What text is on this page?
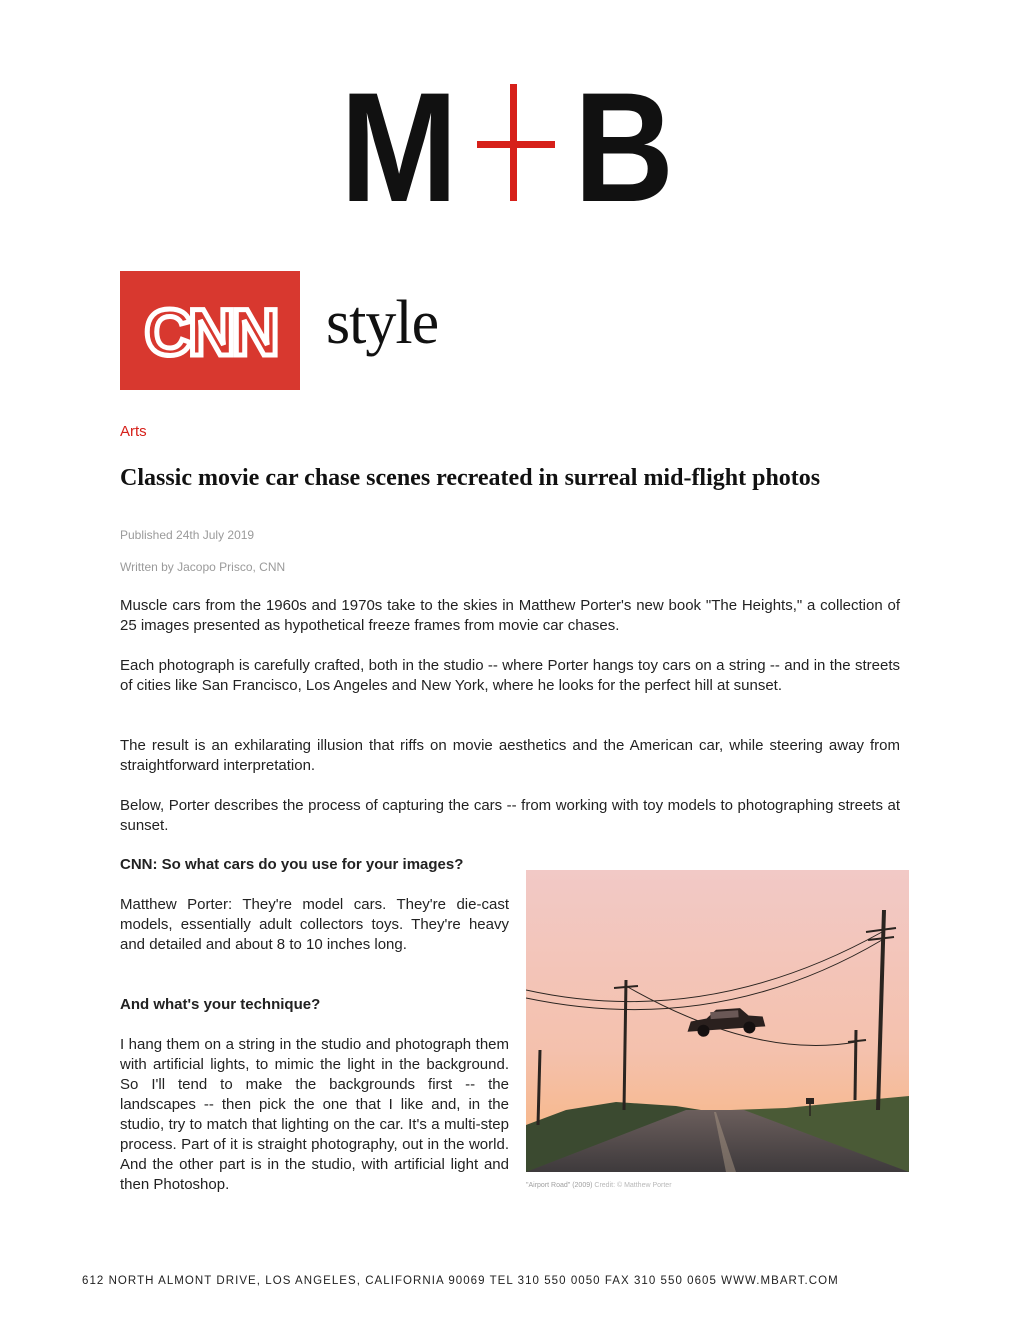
M B
CNN style
Arts
Classic movie car chase scenes recreated in surreal mid-flight photos
Published 24th July 2019
Written by Jacopo Prisco, CNN

Muscle cars from the 1960s and 1970s take to the skies in Matthew Porter's new book "The Heights," a collection of 25 images presented as hypothetical freeze frames from movie car chases.

Each photograph is carefully crafted, both in the studio -- where Porter hangs toy cars on a string -- and in the streets of cities like San Francisco, Los Angeles and New York, where he looks for the perfect hill at sunset.

The result is an exhilarating illusion that riffs on movie aesthetics and the American car, while steering away from straightforward interpretation.

Below, Porter describes the process of capturing the cars -- from working with toy models to photographing streets at sunset.

CNN: So what cars do you use for your images?

Matthew Porter: They're model cars. They're die-cast models, essentially adult collectors toys. They're heavy and detailed and about 8 to 10 inches long.

And what's your technique?

I hang them on a string in the studio and photograph them with artificial lights, to mimic the light in the background. So I'll tend to make the backgrounds first -- the landscapes -- then pick the one that I like and, in the studio, try to match that lighting on the car. It's a multi-step process. Part of it is straight photography, out in the world. And the other part is in the studio, with artificial light and then Photoshop.	"Airport Road" (2009) Credit: © Matthew Porter
612 NORTH ALMONT DRIVE, LOS ANGELES, CALIFORNIA 90069 TEL 310 550 0050 FAX 310 550 0605 WWW.MBART.COM
